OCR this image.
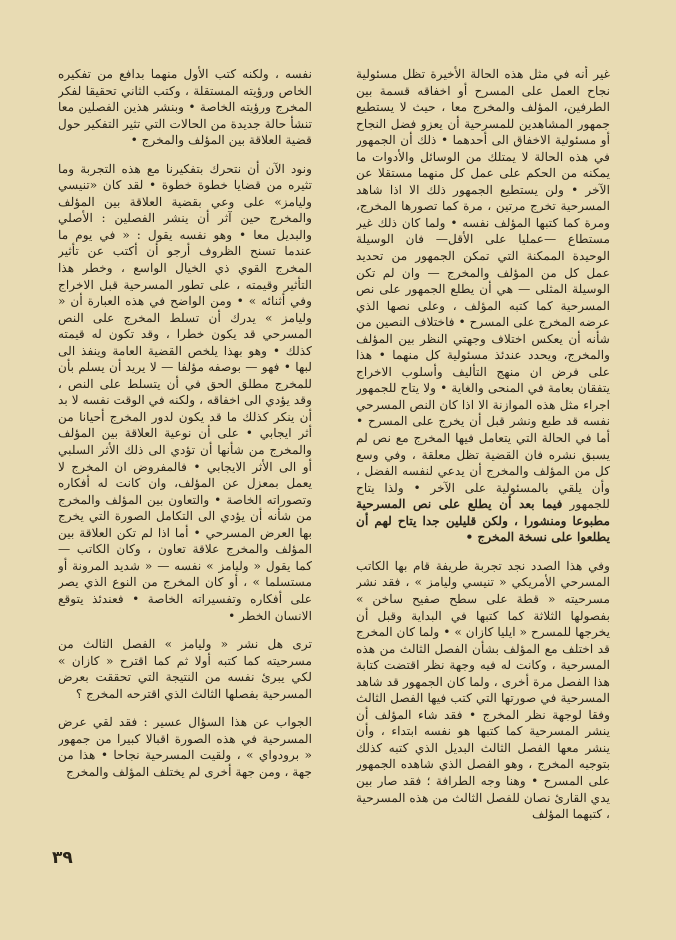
غير أنه في مثل هذه الحالة الأخيرة تظل مسئولية نجاح العمل على المسرح أو اخفاقه قسمة بين الطرفين، المؤلف والمخرج معا ، حيث لا يستطيع جمهور المشاهدين للمسرحية أن يعزو فضل النجاح أو مسئولية الاخفاق الى أحدهما • ذلك أن الجمهور في هذه الحالة لا يمتلك من الوسائل والأدوات ما يمكنه من الحكم على عمل كل منهما مستقلا عن الآخر • ولن يستطيع الجمهور ذلك الا اذا شاهد المسرحية تخرج مرتين ، مرة كما تصورها المخرج، ومرة كما كتبها المؤلف نفسه • ولما كان ذلك غير مستطاع —عمليا على الأقل— فان الوسيلة الوحيدة الممكنة التي تمكن الجمهور من تحديد عمل كل من المؤلف والمخرج — وان لم تكن الوسيلة المثلى — هي أن يطلع الجمهور على نص المسرحية كما كتبه المؤلف ، وعلى نصها الذي عرضه المخرج على المسرح • فاختلاف النصين من شأنه أن يعكس اختلاف وجهتي النظر بين المؤلف والمخرج، ويحدد عندئذ مسئولية كل منهما • هذا على فرض ان منهج التأليف وأسلوب الاخراج يتفقان بعامة في المنحى والغاية • ولا يتاح للجمهور اجراء مثل هذه الموازنة الا اذا كان النص المسرحي نفسه قد طبع ونشر قبل أن يخرج على المسرح • أما في الحالة التي يتعامل فيها المخرج مع نص لم يسبق نشره فان القضية تظل معلقة ، وفي وسع كل من المؤلف والمخرج أن يدعي لنفسه الفضل ، وأن يلقي بالمسئولية على الآخر • ولذا يتاح للجمهور فيما بعد أن يطلع على نص المسرحية مطبوعا ومنشورا ، ولكن قليلين جدا يتاح لهم أن يطلعوا على نسخة المخرج •

وفي هذا الصدد نجد تجربة طريفة قام بها الكاتب المسرحي الأمريكي « تنيسي وليامز » ، فقد نشر مسرحيته « قطة على سطح صفيح ساخن » بفصولها الثلاثة كما كتبها في البداية وقبل أن يخرجها للمسرح « ايليا كازان » • ولما كان المخرج قد اختلف مع المؤلف بشأن الفصل الثالث من هذه المسرحية ، وكانت له فيه وجهة نظر اقتضت كتابة هذا الفصل مرة أخرى ، ولما كان الجمهور قد شاهد المسرحية في صورتها التي كتب فيها الفصل الثالث وفقا لوجهة نظر المخرج • فقد شاء المؤلف أن ينشر المسرحية كما كتبها هو نفسه ابتداء ، وأن ينشر معها الفصل الثالث البديل الذي كتبه كذلك بتوجيه المخرج ، وهو الفصل الذي شاهده الجمهور على المسرح • وهنا وجه الطرافة ؛ فقد صار بين يدي القارئ نصان للفصل الثالث من هذه المسرحية ، كتبهما المؤلف

نفسه ، ولكنه كتب الأول منهما بدافع من تفكيره الخاص ورؤيته المستقلة ، وكتب الثاني تحقيقا لفكر المخرج ورؤيته الخاصة • وبنشر هذين الفصلين معا تنشأ حالة جديدة من الحالات التي تثير التفكير حول قضية العلاقة بين المؤلف والمخرج •

ونود الآن أن نتحرك بتفكيرنا مع هذه التجربة وما تثيره من قضايا خطوة خطوة • لقد كان «تنيسي وليامز» على وعي بقضية العلاقة بين المؤلف والمخرج حين آثر أن ينشر الفصلين : الأصلي والبديل معا • وهو نفسه يقول : « في يوم ما عندما تسنح الظروف أرجو أن أكتب عن تأثير المخرج القوي ذي الخيال الواسع ، وخطر هذا التأثير وقيمته ، على تطور المسرحية قبل الاخراج وفي أثنائه » • ومن الواضح في هذه العبارة أن « وليامز » يدرك أن تسلط المخرج على النص المسرحي قد يكون خطرا ، وقد تكون له قيمته كذلك • وهو بهذا يلخص القضية العامة وينفذ الى لبها • فهو — بوصفه مؤلفا — لا يريد أن يسلم بأن للمخرج مطلق الحق في أن يتسلط على النص ، وقد يؤدي الى اخفاقه ، ولكنه في الوقت نفسه لا بد أن ينكر كذلك ما قد يكون لدور المخرج أحيانا من أثر ايجابي • على أن نوعية العلاقة بين المؤلف والمخرج من شأنها أن تؤدي الى ذلك الأثر السلبي أو الى الأثر الايجابي • فالمفروض ان المخرج لا يعمل بمعزل عن المؤلف، وان كانت له أفكاره وتصوراته الخاصة • والتعاون بين المؤلف والمخرج من شأنه أن يؤدي الى التكامل الصورة التي يخرج بها العرض المسرحي • أما اذا لم تكن العلاقة بين المؤلف والمخرج علاقة تعاون ، وكان الكاتب — كما يقول « وليامز » نفسه — « شديد المرونة أو مستسلما » ، أو كان المخرج من النوع الذي يصر على أفكاره وتفسيراته الخاصة • فعندئذ يتوقع الانسان الخطر •

ترى هل نشر « وليامز » الفصل الثالث من مسرحيته كما كتبه أولا ثم كما اقترح « كازان » لكي يبرئ نفسه من النتيجة التي تحققت بعرض المسرحية بفصلها الثالث الذي اقترحه المخرج ؟

الجواب عن هذا السؤال عسير : فقد لقي عرض المسرحية في هذه الصورة اقبالا كبيرا من جمهور « برودواي » ، ولقيت المسرحية نجاحا • هذا من جهة ، ومن جهة أخرى لم يختلف المؤلف والمخرج

٣٩
